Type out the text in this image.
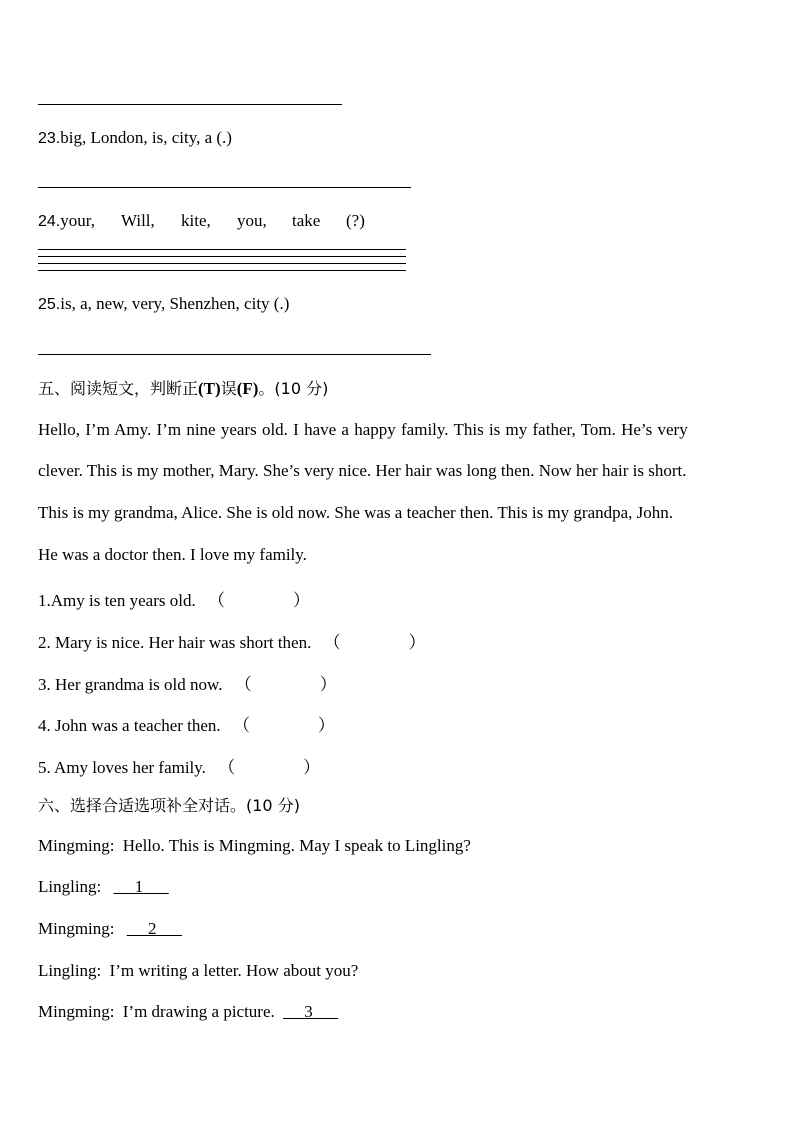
23.big, London, is, city, a (.)
24.your, Will, kite, you, take (?)
25.is, a, new, very, Shenzhen, city (.)
五、阅读短文，判断正(T)误(F)。(10 分)
Hello, I’m Amy. I’m nine years old. I have a happy family. This is my father, Tom. He’s very
clever. This is my mother, Mary. She’s very nice. Her hair was long then. Now her hair is short.
This is my grandma, Alice. She is old now. She was a teacher then. This is my grandpa, John.
He was a doctor then. I love my family.
1.Amy is ten years old. （　　　　）
2. Mary is nice. Her hair was short then. （　　　　）
3. Her grandma is old now. （　　　　）
4. John was a teacher then. （　　　　）
5. Amy loves her family. （　　　　）
六、选择合适选项补全对话。(10 分)
Mingming: Hello. This is Mingming. May I speak to Lingling?
Lingling: 1
Mingming: 2
Lingling: I’m writing a letter. How about you?
Mingming: I’m drawing a picture. 3
